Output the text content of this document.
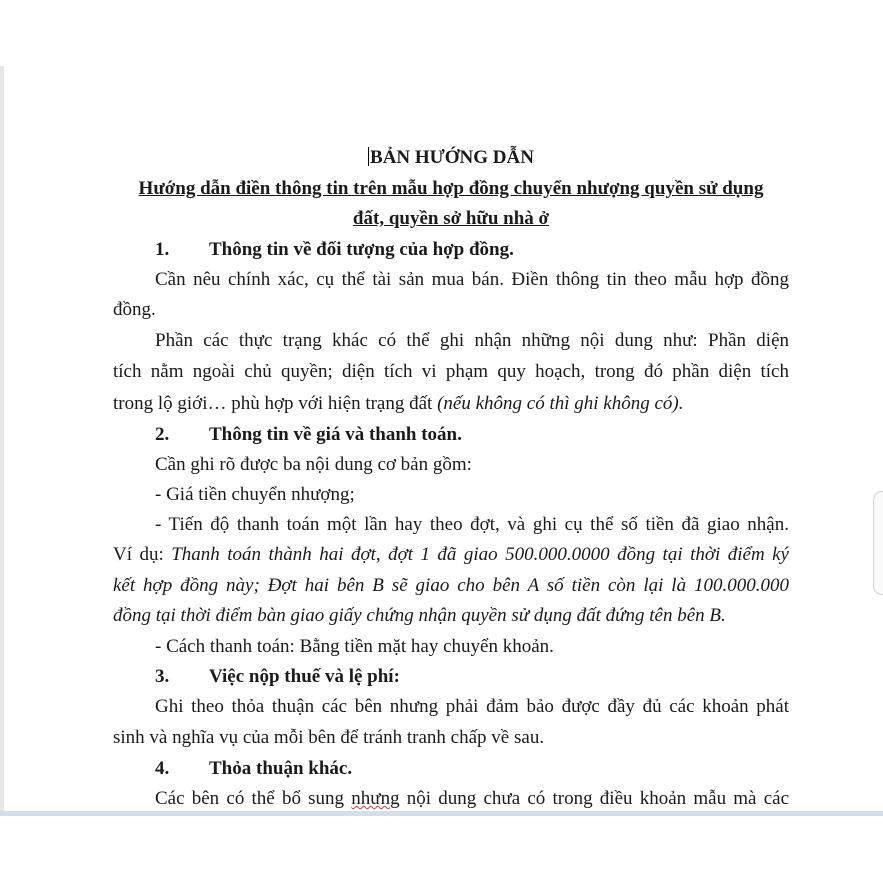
BẢN HƯỚNG DẪN
Hướng dẫn điền thông tin trên mẫu hợp đồng chuyển nhượng quyền sử dụng
đất, quyền sở hữu nhà ở
1. Thông tin về đối tượng của hợp đồng.
Cần nêu chính xác, cụ thể tài sản mua bán. Điền thông tin theo mẫu hợp đồng
đồng.
Phần các thực trạng khác có thể ghi nhận những nội dung như: Phần diện
tích nằm ngoài chủ quyền; diện tích vi phạm quy hoạch, trong đó phần diện tích
trong lộ giới… phù hợp với hiện trạng đất (nếu không có thì ghi không có).
2. Thông tin về giá và thanh toán.
Cần ghi rõ được ba nội dung cơ bản gồm:
- Giá tiền chuyển nhượng;
- Tiến độ thanh toán một lần hay theo đợt, và ghi cụ thể số tiền đã giao nhận.
Ví dụ: Thanh toán thành hai đợt, đợt 1 đã giao 500.000.0000 đồng tại thời điểm ký
kết hợp đồng này; Đợt hai bên B sẽ giao cho bên A số tiền còn lại là 100.000.000
đồng tại thời điểm bàn giao giấy chứng nhận quyền sử dụng đất đứng tên bên B.
- Cách thanh toán: Bằng tiền mặt hay chuyển khoản.
3. Việc nộp thuế và lệ phí:
Ghi theo thỏa thuận các bên nhưng phải đảm bảo được đầy đủ các khoản phát
sinh và nghĩa vụ của mỗi bên để tránh tranh chấp về sau.
4. Thỏa thuận khác.
Các bên có thể bổ sung nhưng nội dung chưa có trong điều khoản mẫu mà các
